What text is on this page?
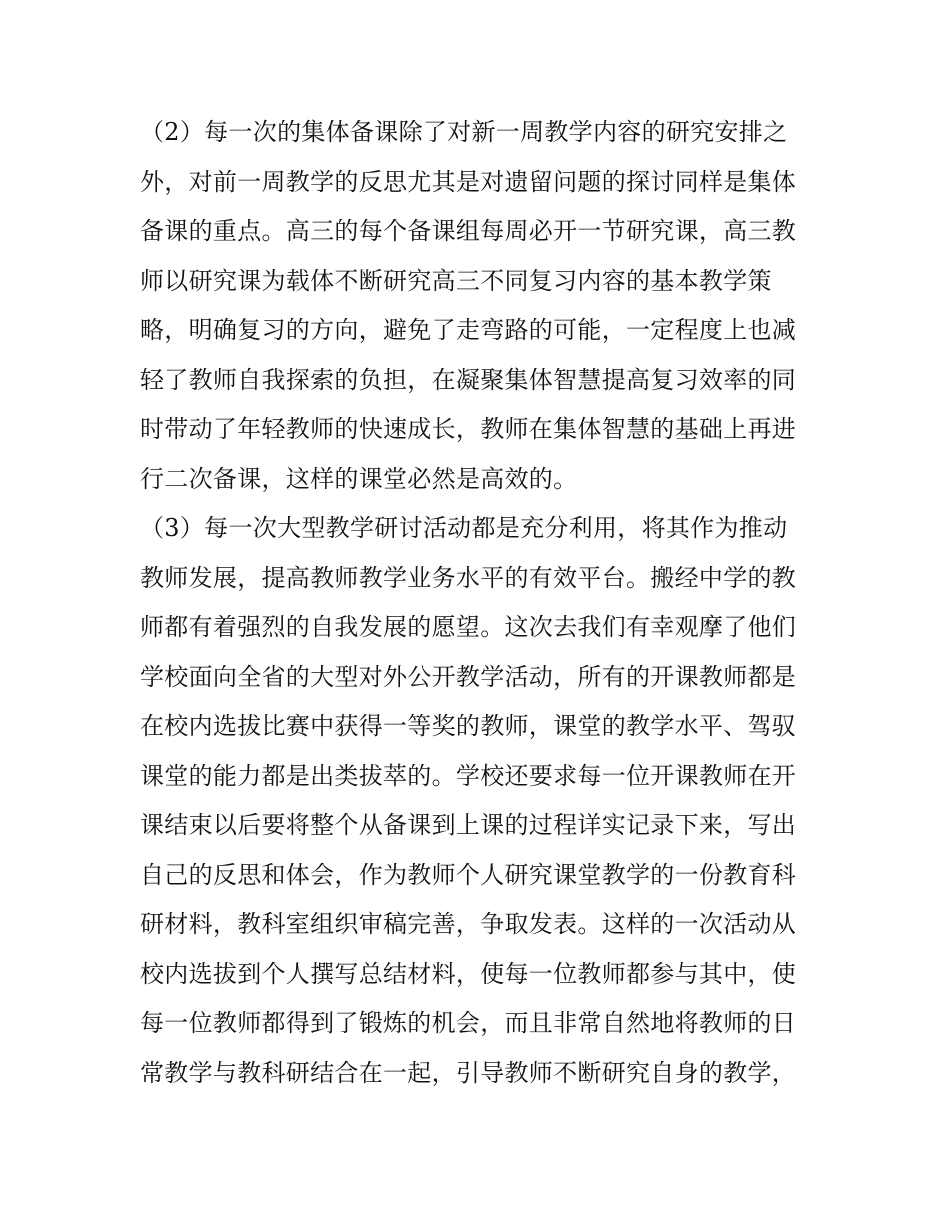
（2）每一次的集体备课除了对新一周教学内容的研究安排之
外，对前一周教学的反思尤其是对遗留问题的探讨同样是集体
备课的重点。高三的每个备课组每周必开一节研究课，高三教
师以研究课为载体不断研究高三不同复习内容的基本教学策
略，明确复习的方向，避免了走弯路的可能，一定程度上也减
轻了教师自我探索的负担，在凝聚集体智慧提高复习效率的同
时带动了年轻教师的快速成长，教师在集体智慧的基础上再进
行二次备课，这样的课堂必然是高效的。
（3）每一次大型教学研讨活动都是充分利用，将其作为推动
教师发展，提高教师教学业务水平的有效平台。搬经中学的教
师都有着强烈的自我发展的愿望。这次去我们有幸观摩了他们
学校面向全省的大型对外公开教学活动，所有的开课教师都是
在校内选拔比赛中获得一等奖的教师，课堂的教学水平、驾驭
课堂的能力都是出类拔萃的。学校还要求每一位开课教师在开
课结束以后要将整个从备课到上课的过程详实记录下来，写出
自己的反思和体会，作为教师个人研究课堂教学的一份教育科
研材料，教科室组织审稿完善，争取发表。这样的一次活动从
校内选拔到个人撰写总结材料，使每一位教师都参与其中，使
每一位教师都得到了锻炼的机会，而且非常自然地将教师的日
常教学与教科研结合在一起，引导教师不断研究自身的教学，
